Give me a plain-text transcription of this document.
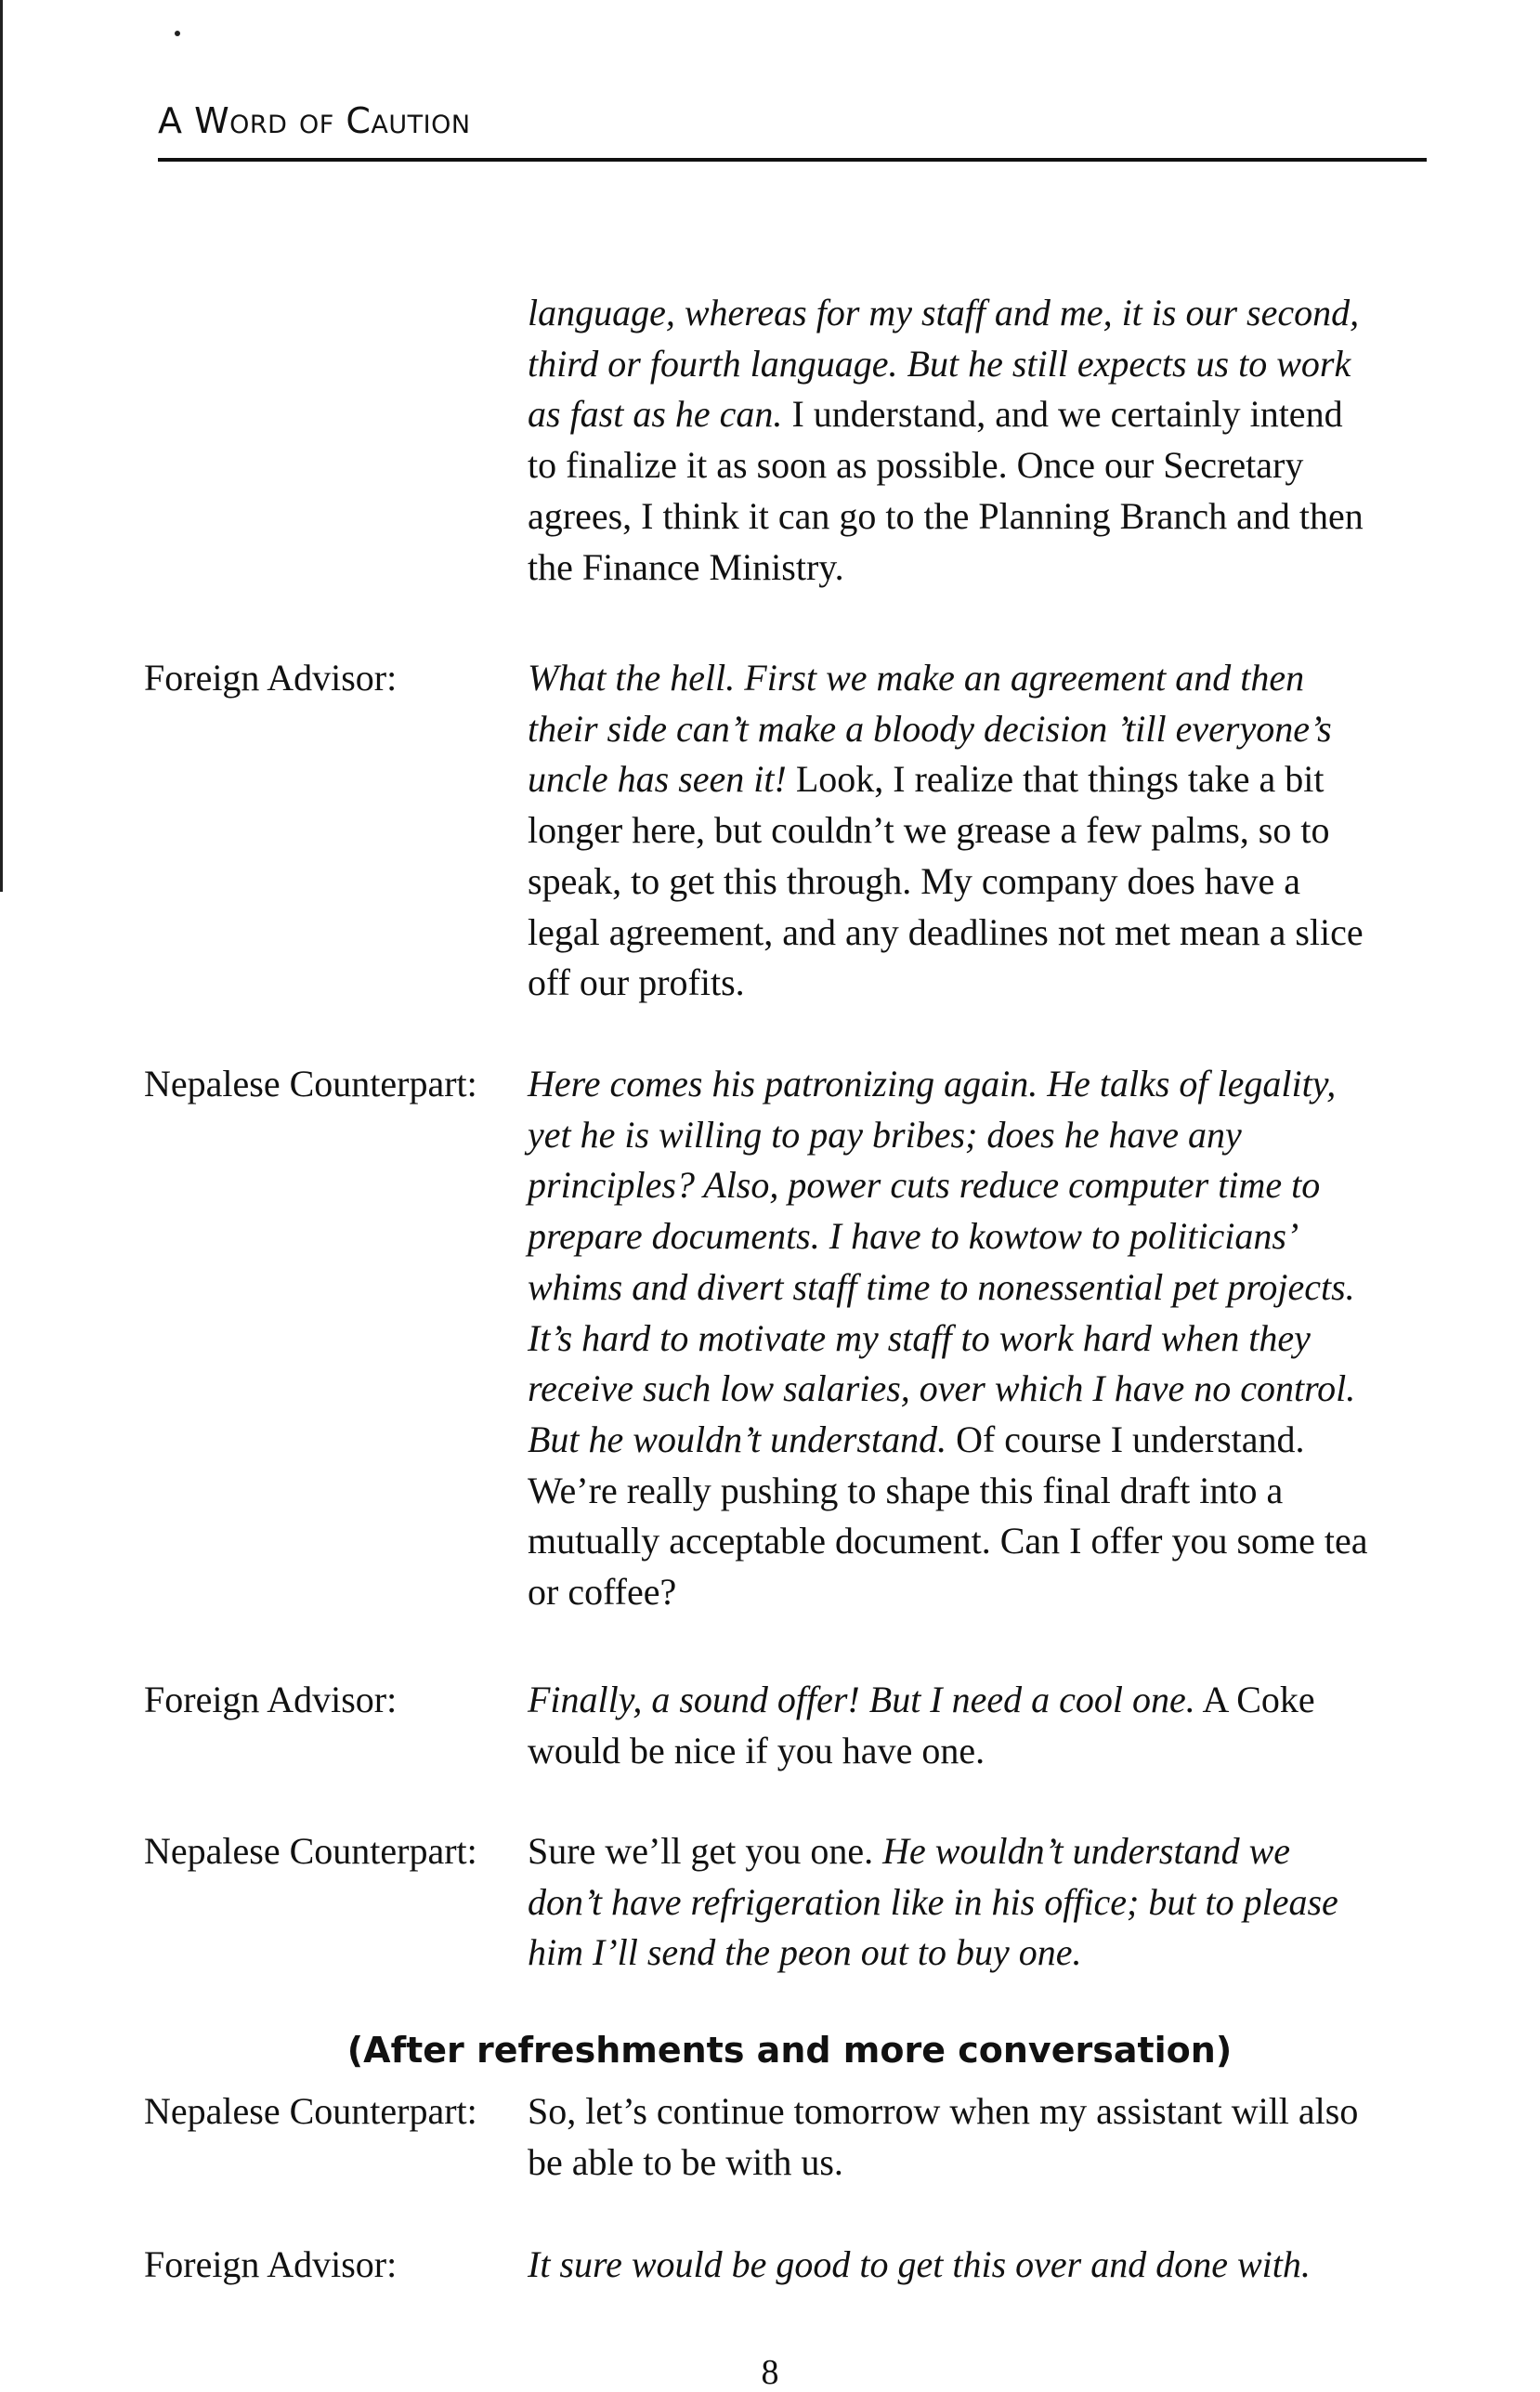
A Word of Caution

language, whereas for my staff and me, it is our second,

third or fourth language. But he still expects us to work

as fast as he can. I understand, and we certainly intend

to finalize it as soon as possible. Once our Secretary

agrees, I think it can go to the Planning Branch and then

the Finance Ministry.

Foreign Advisor:	What the hell. First we make an agreement and then

their side can’t make a bloody decision ’till everyone’s

uncle has seen it! Look, I realize that things take a bit

longer here, but couldn’t we grease a few palms, so to

speak, to get this through. My company does have a

legal agreement, and any deadlines not met mean a slice

off our profits.

Nepalese Counterpart: Here comes his patronizing again. He talks of legality,

yet he is willing to pay bribes; does he have any

principles? Also, power cuts reduce computer time to

prepare documents. I have to kowtow to politicians’

whims and divert staff time to nonessential pet projects.

It’s hard to motivate my staff to work hard when they

receive such low salaries, over which I have no control.

But he wouldn’t understand. Of course I understand.

We’re really pushing to shape this final draft into a

mutually acceptable document. Can I offer you some tea

or coffee?

Foreign Advisor:	Finally, a sound offer! But I need a cool one. A Coke

would be nice if you have one.

Nepalese Counterpart: Sure we’ll get you one. He wouldn’t understand we

don’t have refrigeration like in his office; but to please

him I’ll send the peon out to buy one.

(After refreshments and more conversation)
Nepalese Counterpart: So, let’s continue tomorrow when my assistant will also

be able to be with us.

Foreign Advisor:	It sure would be good to get this over and done with.

8
